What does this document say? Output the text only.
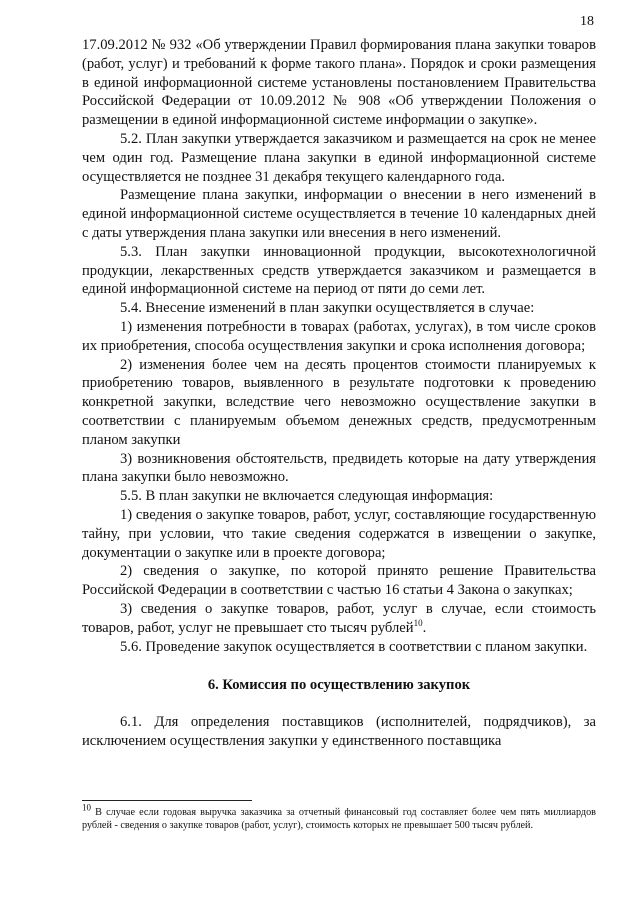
18

17.09.2012 № 932 «Об утверждении Правил формирования плана закупки товаров (работ, услуг) и требований к форме такого плана». Порядок и сроки размещения в единой информационной системе установлены постановлением Правительства Российской Федерации от 10.09.2012 № 908 «Об утверждении Положения о размещении в единой информационной системе информации о закупке».

5.2. План закупки утверждается заказчиком и размещается на срок не менее чем один год. Размещение плана закупки в единой информационной системе осуществляется не позднее 31 декабря текущего календарного года.

Размещение плана закупки, информации о внесении в него изменений в единой информационной системе осуществляется в течение 10 календарных дней с даты утверждения плана закупки или внесения в него изменений.

5.3. План закупки инновационной продукции, высокотехнологичной продукции, лекарственных средств утверждается заказчиком и размещается в единой информационной системе на период от пяти до семи лет.

5.4. Внесение изменений в план закупки осуществляется в случае:

1) изменения потребности в товарах (работах, услугах), в том числе сроков их приобретения, способа осуществления закупки и срока исполнения договора;

2) изменения более чем на десять процентов стоимости планируемых к приобретению товаров, выявленного в результате подготовки к проведению конкретной закупки, вследствие чего невозможно осуществление закупки в соответствии с планируемым объемом денежных средств, предусмотренным планом закупки

3) возникновения обстоятельств, предвидеть которые на дату утверждения плана закупки было невозможно.

5.5. В план закупки не включается следующая информация:

1) сведения о закупке товаров, работ, услуг, составляющие государственную тайну, при условии, что такие сведения содержатся в извещении о закупке, документации о закупке или в проекте договора;

2) сведения о закупке, по которой принято решение Правительства Российской Федерации в соответствии с частью 16 статьи 4 Закона о закупках;

3) сведения о закупке товаров, работ, услуг в случае, если стоимость товаров, работ, услуг не превышает сто тысяч рублей$^{10}$.

5.6. Проведение закупок осуществляется в соответствии с планом закупки.

6. Комиссия по осуществлению закупок

6.1. Для определения поставщиков (исполнителей, подрядчиков), за исключением осуществления закупки у единственного поставщика

$^{10}$ В случае если годовая выручка заказчика за отчетный финансовый год составляет более чем пять миллиардов рублей - сведения о закупке товаров (работ, услуг), стоимость которых не превышает 500 тысяч рублей.
